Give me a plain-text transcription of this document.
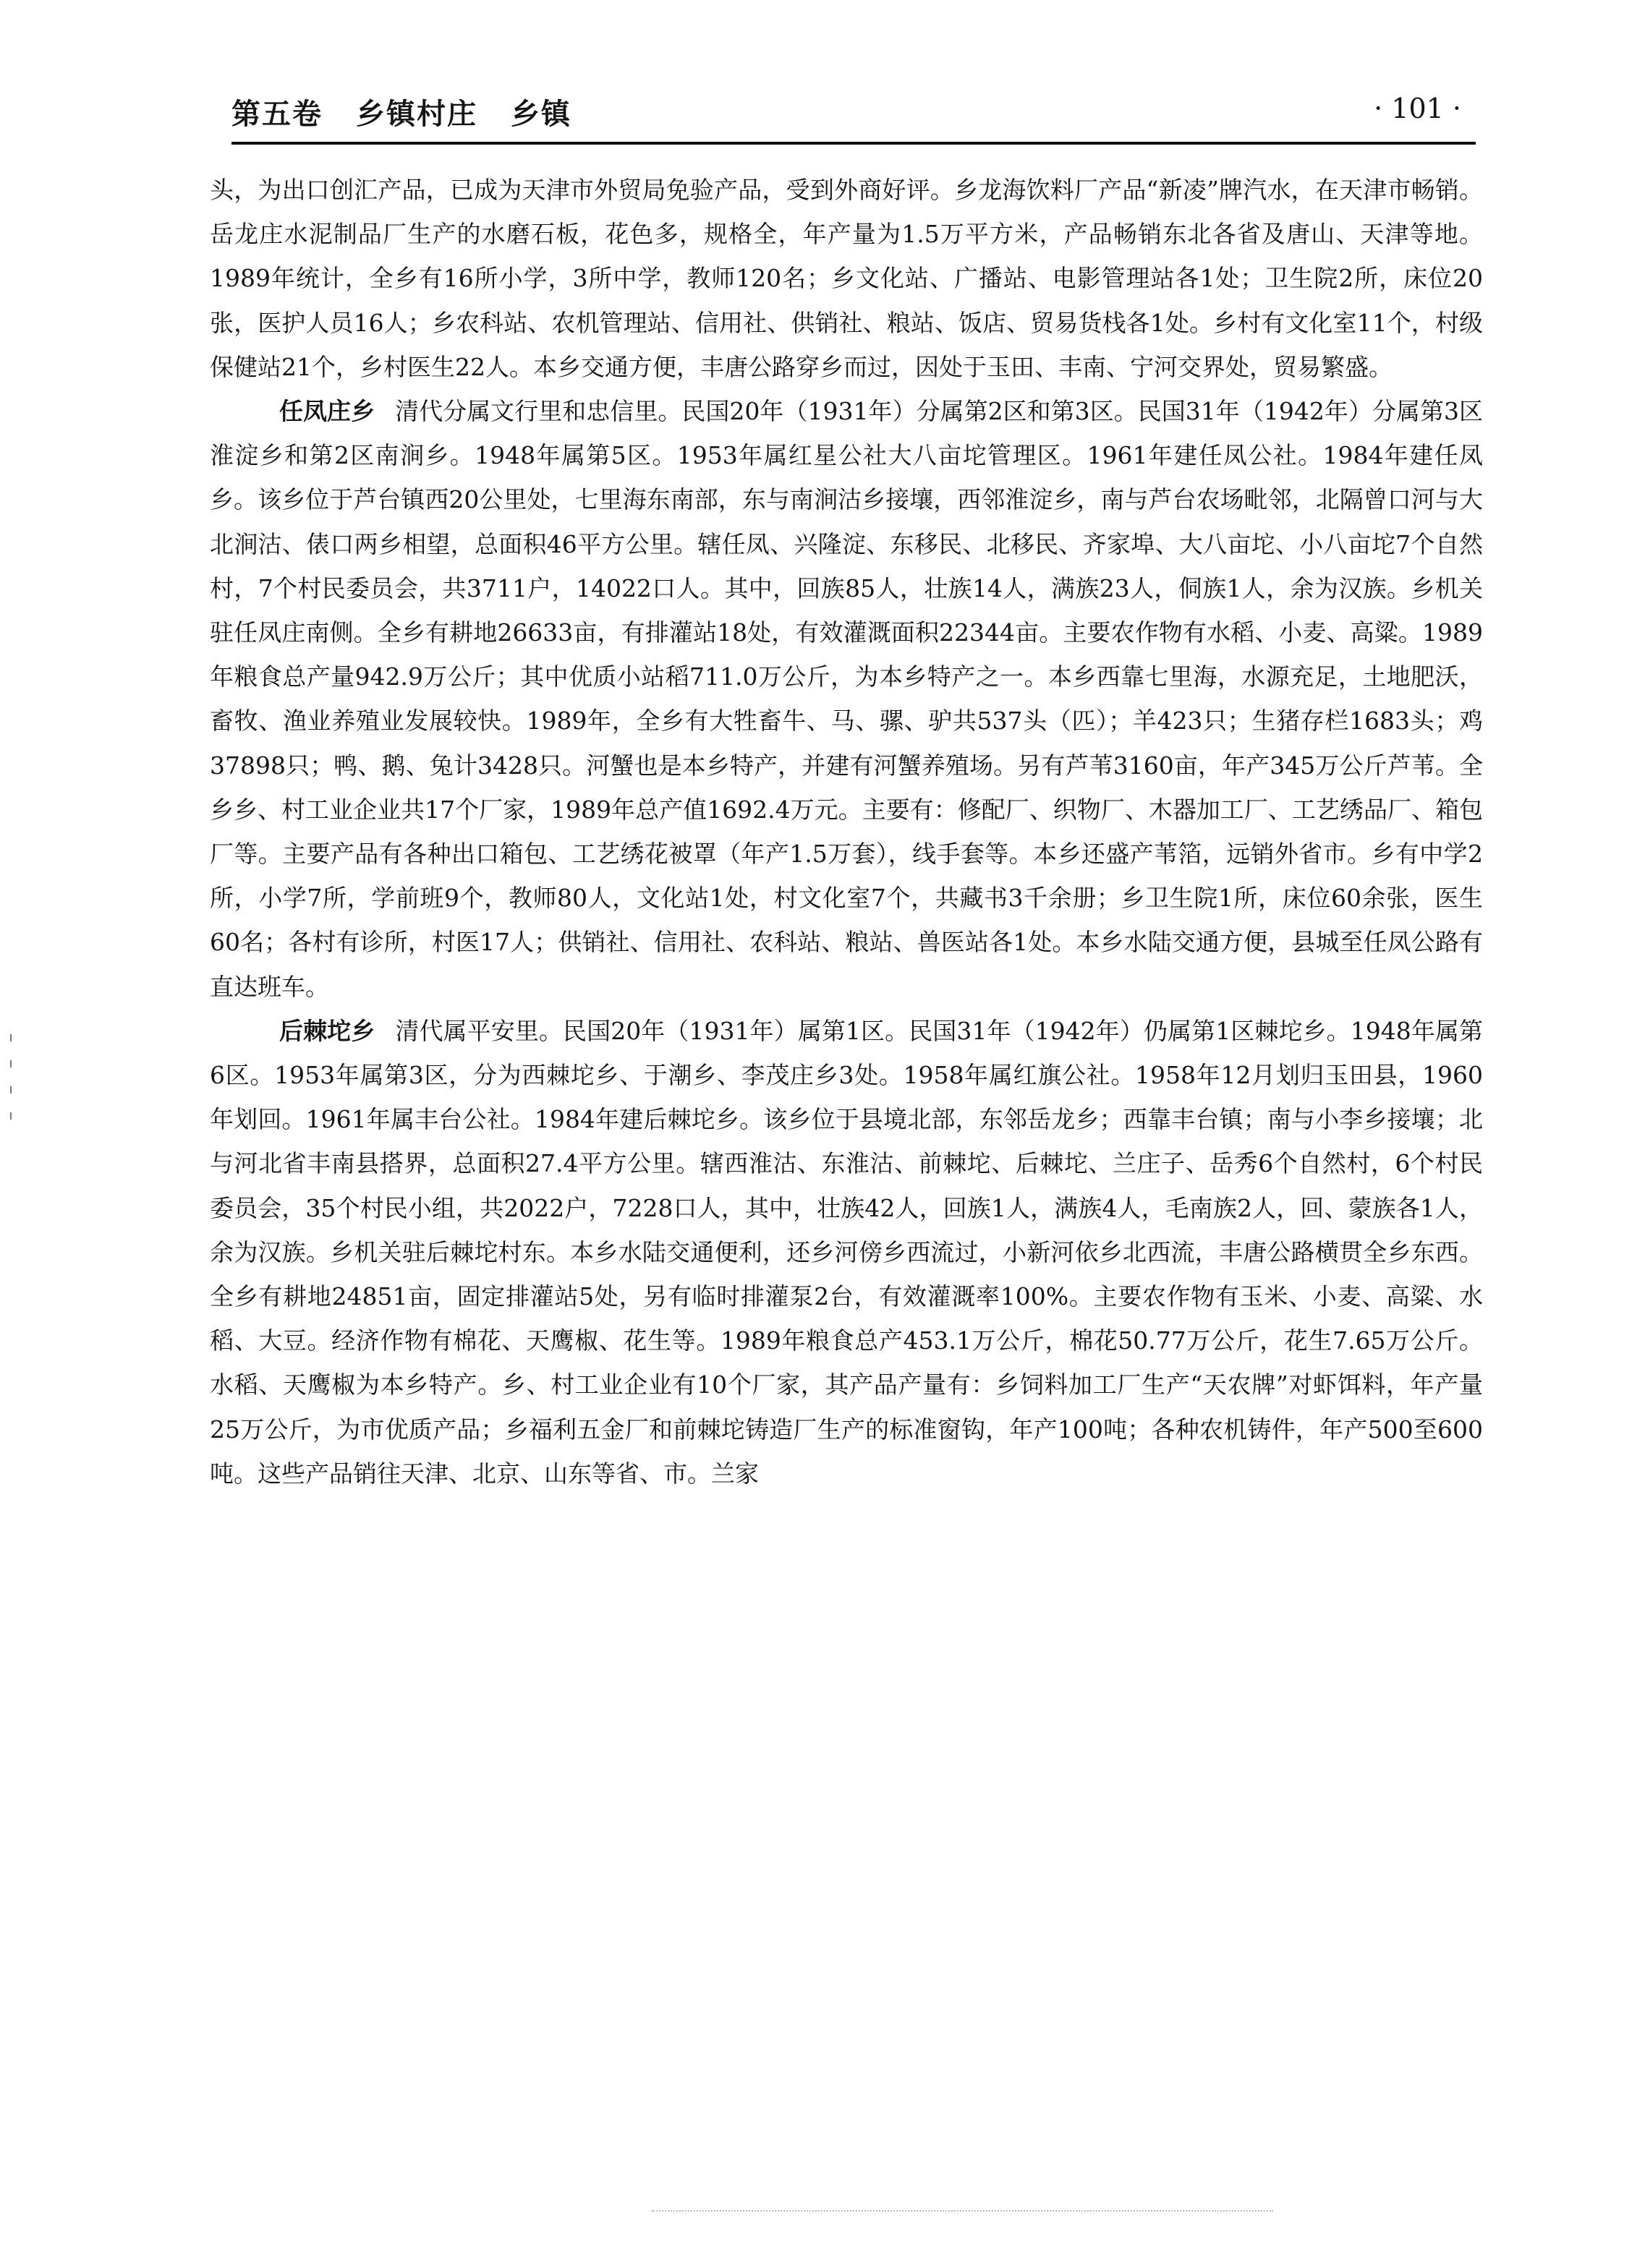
第五卷 乡镇村庄 乡镇	· 101 ·

头，为出口创汇产品，已成为天津市外贸局免验产品，受到外商好评。乡龙海饮料厂产品“新凌”牌汽水，在天津市畅销。岳龙庄水泥制品厂生产的水磨石板，花色多，规格全，年产量为1.5万平方米，产品畅销东北各省及唐山、天津等地。1989年统计，全乡有16所小学，3所中学，教师120名；乡文化站、广播站、电影管理站各1处；卫生院2所，床位20张，医护人员16人；乡农科站、农机管理站、信用社、供销社、粮站、饭店、贸易货栈各1处。乡村有文化室11个，村级保健站21个，乡村医生22人。本乡交通方便，丰唐公路穿乡而过，因处于玉田、丰南、宁河交界处，贸易繁盛。

任凤庄乡 清代分属文行里和忠信里。民国20年（1931年）分属第2区和第3区。民国31年（1942年）分属第3区淮淀乡和第2区南涧乡。1948年属第5区。1953年属红星公社大八亩坨管理区。1961年建任凤公社。1984年建任凤乡。该乡位于芦台镇西20公里处，七里海东南部，东与南涧沽乡接壤，西邻淮淀乡，南与芦台农场毗邻，北隔曾口河与大北涧沽、俵口两乡相望，总面积46平方公里。辖任凤、兴隆淀、东移民、北移民、齐家埠、大八亩坨、小八亩坨7个自然村，7个村民委员会，共3711户，14022口人。其中，回族85人，壮族14人，满族23人，侗族1人，余为汉族。乡机关驻任凤庄南侧。全乡有耕地26633亩，有排灌站18处，有效灌溉面积22344亩。主要农作物有水稻、小麦、高粱。1989年粮食总产量942.9万公斤；其中优质小站稻711.0万公斤，为本乡特产之一。本乡西靠七里海，水源充足，土地肥沃，畜牧、渔业养殖业发展较快。1989年，全乡有大牲畜牛、马、骡、驴共537头（匹）；羊423只；生猪存栏1683头；鸡37898只；鸭、鹅、兔计3428只。河蟹也是本乡特产，并建有河蟹养殖场。另有芦苇3160亩，年产345万公斤芦苇。全乡乡、村工业企业共17个厂家，1989年总产值1692.4万元。主要有：修配厂、织物厂、木器加工厂、工艺绣品厂、箱包厂等。主要产品有各种出口箱包、工艺绣花被罩（年产1.5万套），线手套等。本乡还盛产苇箔，远销外省市。乡有中学2所，小学7所，学前班9个，教师80人，文化站1处，村文化室7个，共藏书3千余册；乡卫生院1所，床位60余张，医生60名；各村有诊所，村医17人；供销社、信用社、农科站、粮站、兽医站各1处。本乡水陆交通方便，县城至任凤公路有直达班车。

后棘坨乡 清代属平安里。民国20年（1931年）属第1区。民国31年（1942年）仍属第1区棘坨乡。1948年属第6区。1953年属第3区，分为西棘坨乡、于潮乡、李茂庄乡3处。1958年属红旗公社。1958年12月划归玉田县，1960年划回。1961年属丰台公社。1984年建后棘坨乡。该乡位于县境北部，东邻岳龙乡；西靠丰台镇；南与小李乡接壤；北与河北省丰南县搭界，总面积27.4平方公里。辖西淮沽、东淮沽、前棘坨、后棘坨、兰庄子、岳秀6个自然村，6个村民委员会，35个村民小组，共2022户，7228口人，其中，壮族42人，回族1人，满族4人，毛南族2人，回、蒙族各1人，余为汉族。乡机关驻后棘坨村东。本乡水陆交通便利，还乡河傍乡西流过，小新河依乡北西流，丰唐公路横贯全乡东西。全乡有耕地24851亩，固定排灌站5处，另有临时排灌泵2台，有效灌溉率100%。主要农作物有玉米、小麦、高粱、水稻、大豆。经济作物有棉花、天鹰椒、花生等。1989年粮食总产453.1万公斤，棉花50.77万公斤，花生7.65万公斤。水稻、天鹰椒为本乡特产。乡、村工业企业有10个厂家，其产品产量有：乡饲料加工厂生产“天农牌”对虾饵料，年产量25万公斤，为市优质产品；乡福利五金厂和前棘坨铸造厂生产的标准窗钩，年产100吨；各种农机铸件，年产500至600吨。这些产品销往天津、北京、山东等省、市。兰家
